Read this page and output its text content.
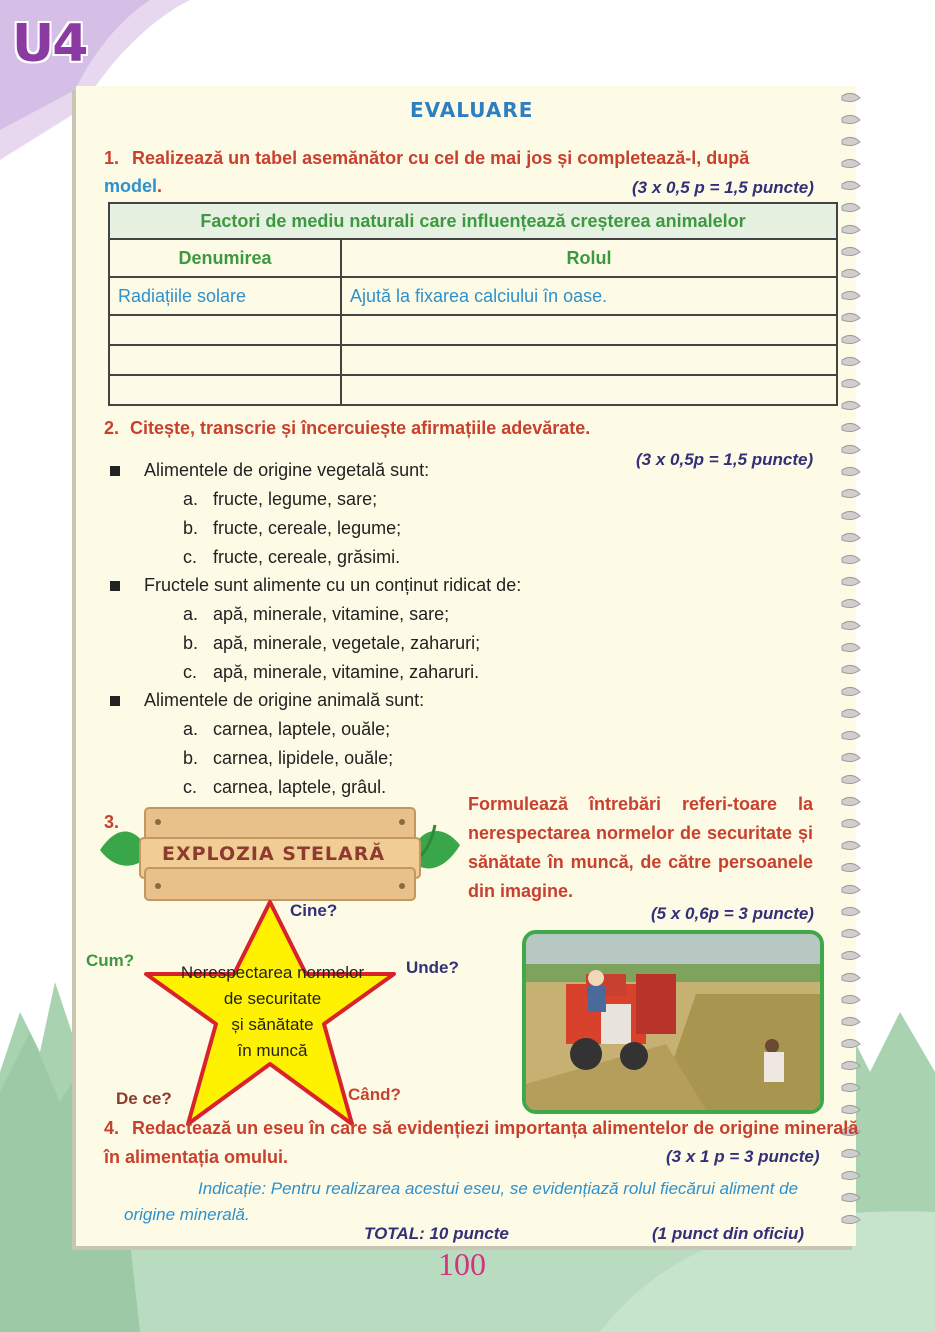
U4
EVALUARE
1. Realizează un tabel asemănător cu cel de mai jos și completează-l, după
model.	(3 x 0,5 p = 1,5 puncte)
Factori de mediu naturali care influențează creșterea animalelor	
Denumirea	Rolul
Radiațiile solare	Ajută la fixarea calciului în oase.

2. Citește, transcrie și încercuiește afirmațiile adevărate.
(3 x 0,5p = 1,5 puncte)
Alimentele de origine vegetală sunt:
a. fructe, legume, sare;
b. fructe, cereale, legume;
c. fructe, cereale, grăsimi.
Fructele sunt alimente cu un conținut ridicat de:
a. apă, minerale, vitamine, sare;
b. apă, minerale, vegetale, zaharuri;
c. apă, minerale, vitamine, zaharuri.
Alimentele de origine animală sunt:
a. carnea, laptele, ouăle;
b. carnea, lipidele, ouăle;
c. carnea, laptele, grâul.
3.
EXPLOZIA STELARĂ
Formulează întrebări referi-toare la nerespectarea normelor de securitate și sănătate în muncă, de către persoanele din imagine.
(5 x 0,6p = 3 puncte)
Nerespectarea normelor
de securitate
și sănătate
în muncă
Cine?
Cum?	Unde?
De ce?	Când?
4. Redactează un eseu în care să evidențiezi importanța alimentelor de origine minerală în alimentația omului.	(3 x 1 p = 3 puncte)
Indicație: Pentru realizarea acestui eseu, se evidențiază rolul fiecărui aliment de origine minerală.
TOTAL: 10 puncte	(1 punct din oficiu)
100
